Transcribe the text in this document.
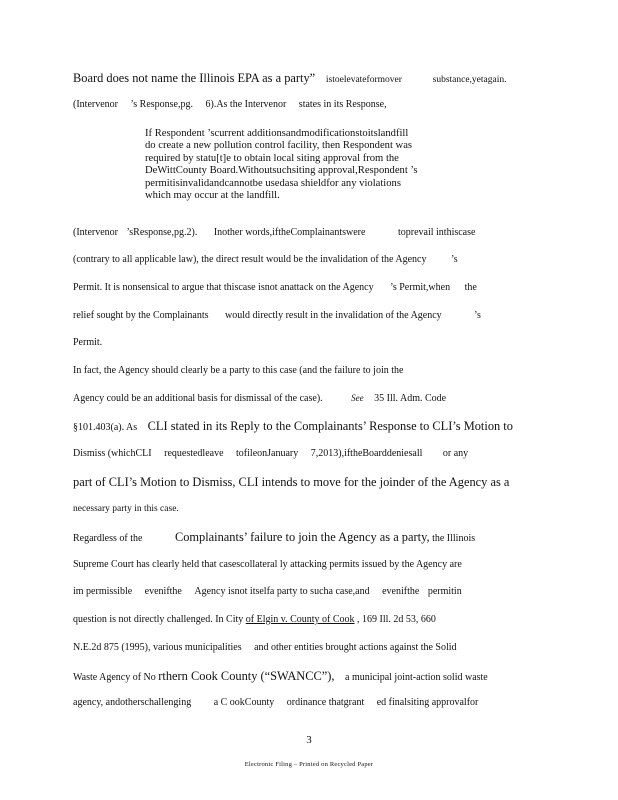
Board does not name the Illinois EPA as a party” istoelevateformover	substance,yetagain.
(Intervenor ’s Response,pg. 6).As the Intervenor states in its Response,
If Respondent ’scurrent additionsandmodificationstoitslandfill
do create a new pollution control facility, then Respondent was
required by statu[t]e to obtain local siting approval from the
DeWittCounty Board.Withoutsuchsiting approval,Respondent ’s
permitisinvalidandcannotbe usedasa shieldfor any violations
which may occur at the landfill.
(Intervenor ’sResponse,pg.2). Inother words,iftheComplainantswere	toprevail inthiscase
(contrary to all applicable law), the direct result would be the invalidation of the Agency ’s
Permit. It is nonsensical to argue that thiscase isnot anattack on the Agency ’s Permit,when the
relief sought by the Complainants would directly result in the invalidation of the Agency	’s
Permit.
In fact, the Agency should clearly be a party to this case (and the failure to join the
Agency could be an additional basis for dismissal of the case).	See 35 Ill. Adm. Code
§101.403(a). As CLI stated in its Reply to the Complainants’ Response to CLI’s Motion to
Dismiss (whichCLI requestedleave tofileonJanuary 7,2013),iftheBoarddeniesall or any
part of CLI’s Motion to Dismiss, CLI intends to move for the joinder of the Agency as a
necessary party in this case.
Regardless of the	Complainants’ failure to join the Agency as a party, the Illinois
Supreme Court has clearly held that casescollateral ly attacking permits issued by the Agency are
im permissible evenifthe Agency isnot itselfa party to sucha case,and evenifthe permitin
question is not directly challenged. In City of Elgin v. County of Cook , 169 Ill. 2d 53, 660
N.E.2d 875 (1995), various municipalities and other entities brought actions against the Solid
Waste Agency of No rthern Cook County (“SWANCC”), a municipal joint-action solid waste
agency, andotherschallenging a C ookCounty ordinance thatgrant ed finalsiting approvalfor
3
Electronic Filing – Printed on Recycled Paper
